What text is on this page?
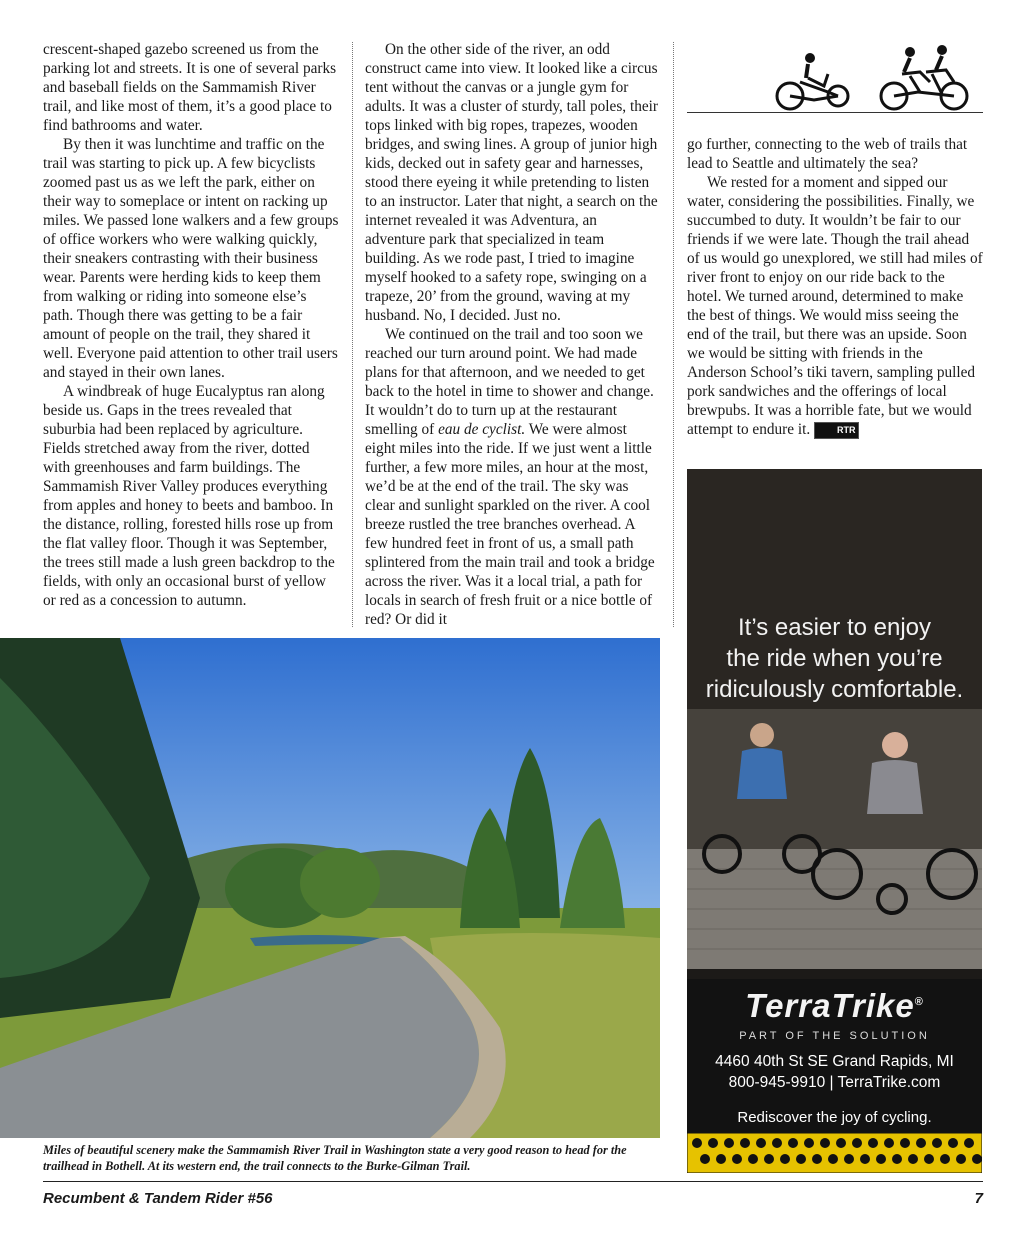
crescent-shaped gazebo screened us from the parking lot and streets. It is one of several parks and baseball fields on the Sammamish River trail, and like most of them, it’s a good place to find bathrooms and water.

By then it was lunchtime and traffic on the trail was starting to pick up. A few bicyclists zoomed past us as we left the park, either on their way to someplace or intent on racking up miles. We passed lone walkers and a few groups of office workers who were walking quickly, their sneakers contrasting with their business wear. Parents were herding kids to keep them from walking or riding into someone else’s path. Though there was getting to be a fair amount of people on the trail, they shared it well. Everyone paid attention to other trail users and stayed in their own lanes.

A windbreak of huge Eucalyptus ran along beside us. Gaps in the trees revealed that suburbia had been replaced by agriculture. Fields stretched away from the river, dotted with greenhouses and farm buildings. The Sammamish River Valley produces everything from apples and honey to beets and bamboo. In the distance, rolling, forested hills rose up from the flat valley floor. Though it was September, the trees still made a lush green backdrop to the fields, with only an occasional burst of yellow or red as a concession to autumn.

On the other side of the river, an odd construct came into view. It looked like a circus tent without the canvas or a jungle gym for adults. It was a cluster of sturdy, tall poles, their tops linked with big ropes, trapezes, wooden bridges, and swing lines. A group of junior high kids, decked out in safety gear and harnesses, stood there eyeing it while pretending to listen to an instructor. Later that night, a search on the internet revealed it was Adventura, an adventure park that specialized in team building. As we rode past, I tried to imagine myself hooked to a safety rope, swinging on a trapeze, 20’ from the ground, waving at my husband. No, I decided. Just no.

We continued on the trail and too soon we reached our turn around point. We had made plans for that afternoon, and we needed to get back to the hotel in time to shower and change. It wouldn’t do to turn up at the restaurant smelling of eau de cyclist. We were almost eight miles into the ride. If we just went a little further, a few more miles, an hour at the most, we’d be at the end of the trail. The sky was clear and sunlight sparkled on the river. A cool breeze rustled the tree branches overhead. A few hundred feet in front of us, a small path splintered from the main trail and took a bridge across the river. Was it a local trial, a path for locals in search of fresh fruit or a nice bottle of red? Or did it

go further, connecting to the web of trails that lead to Seattle and ultimately the sea?

We rested for a moment and sipped our water, considering the possibilities. Finally, we succumbed to duty. It wouldn’t be fair to our friends if we were late. Though the trail ahead of us would go unexplored, we still had miles of river front to enjoy on our ride back to the hotel. We turned around, determined to make the best of things. We would miss seeing the end of the trail, but there was an upside. Soon we would be sitting with friends in the Anderson School’s tiki tavern, sampling pulled pork sandwiches and the offerings of local brewpubs. It was a horrible fate, but we would attempt to endure it.	RTR

Miles of beautiful scenery make the Sammamish River Trail in Washington state a very good reason to head for the trailhead in Bothell. At its western end, the trail connects to the Burke-Gilman Trail.
It’s easier to enjoy
the ride when you’re
ridiculously comfortable.
TerraTrike®
PART OF THE SOLUTION
4460 40th St SE Grand Rapids, MI
800-945-9910 | TerraTrike.com
Rediscover the joy of cycling.
Recumbent & Tandem Rider #56	7
